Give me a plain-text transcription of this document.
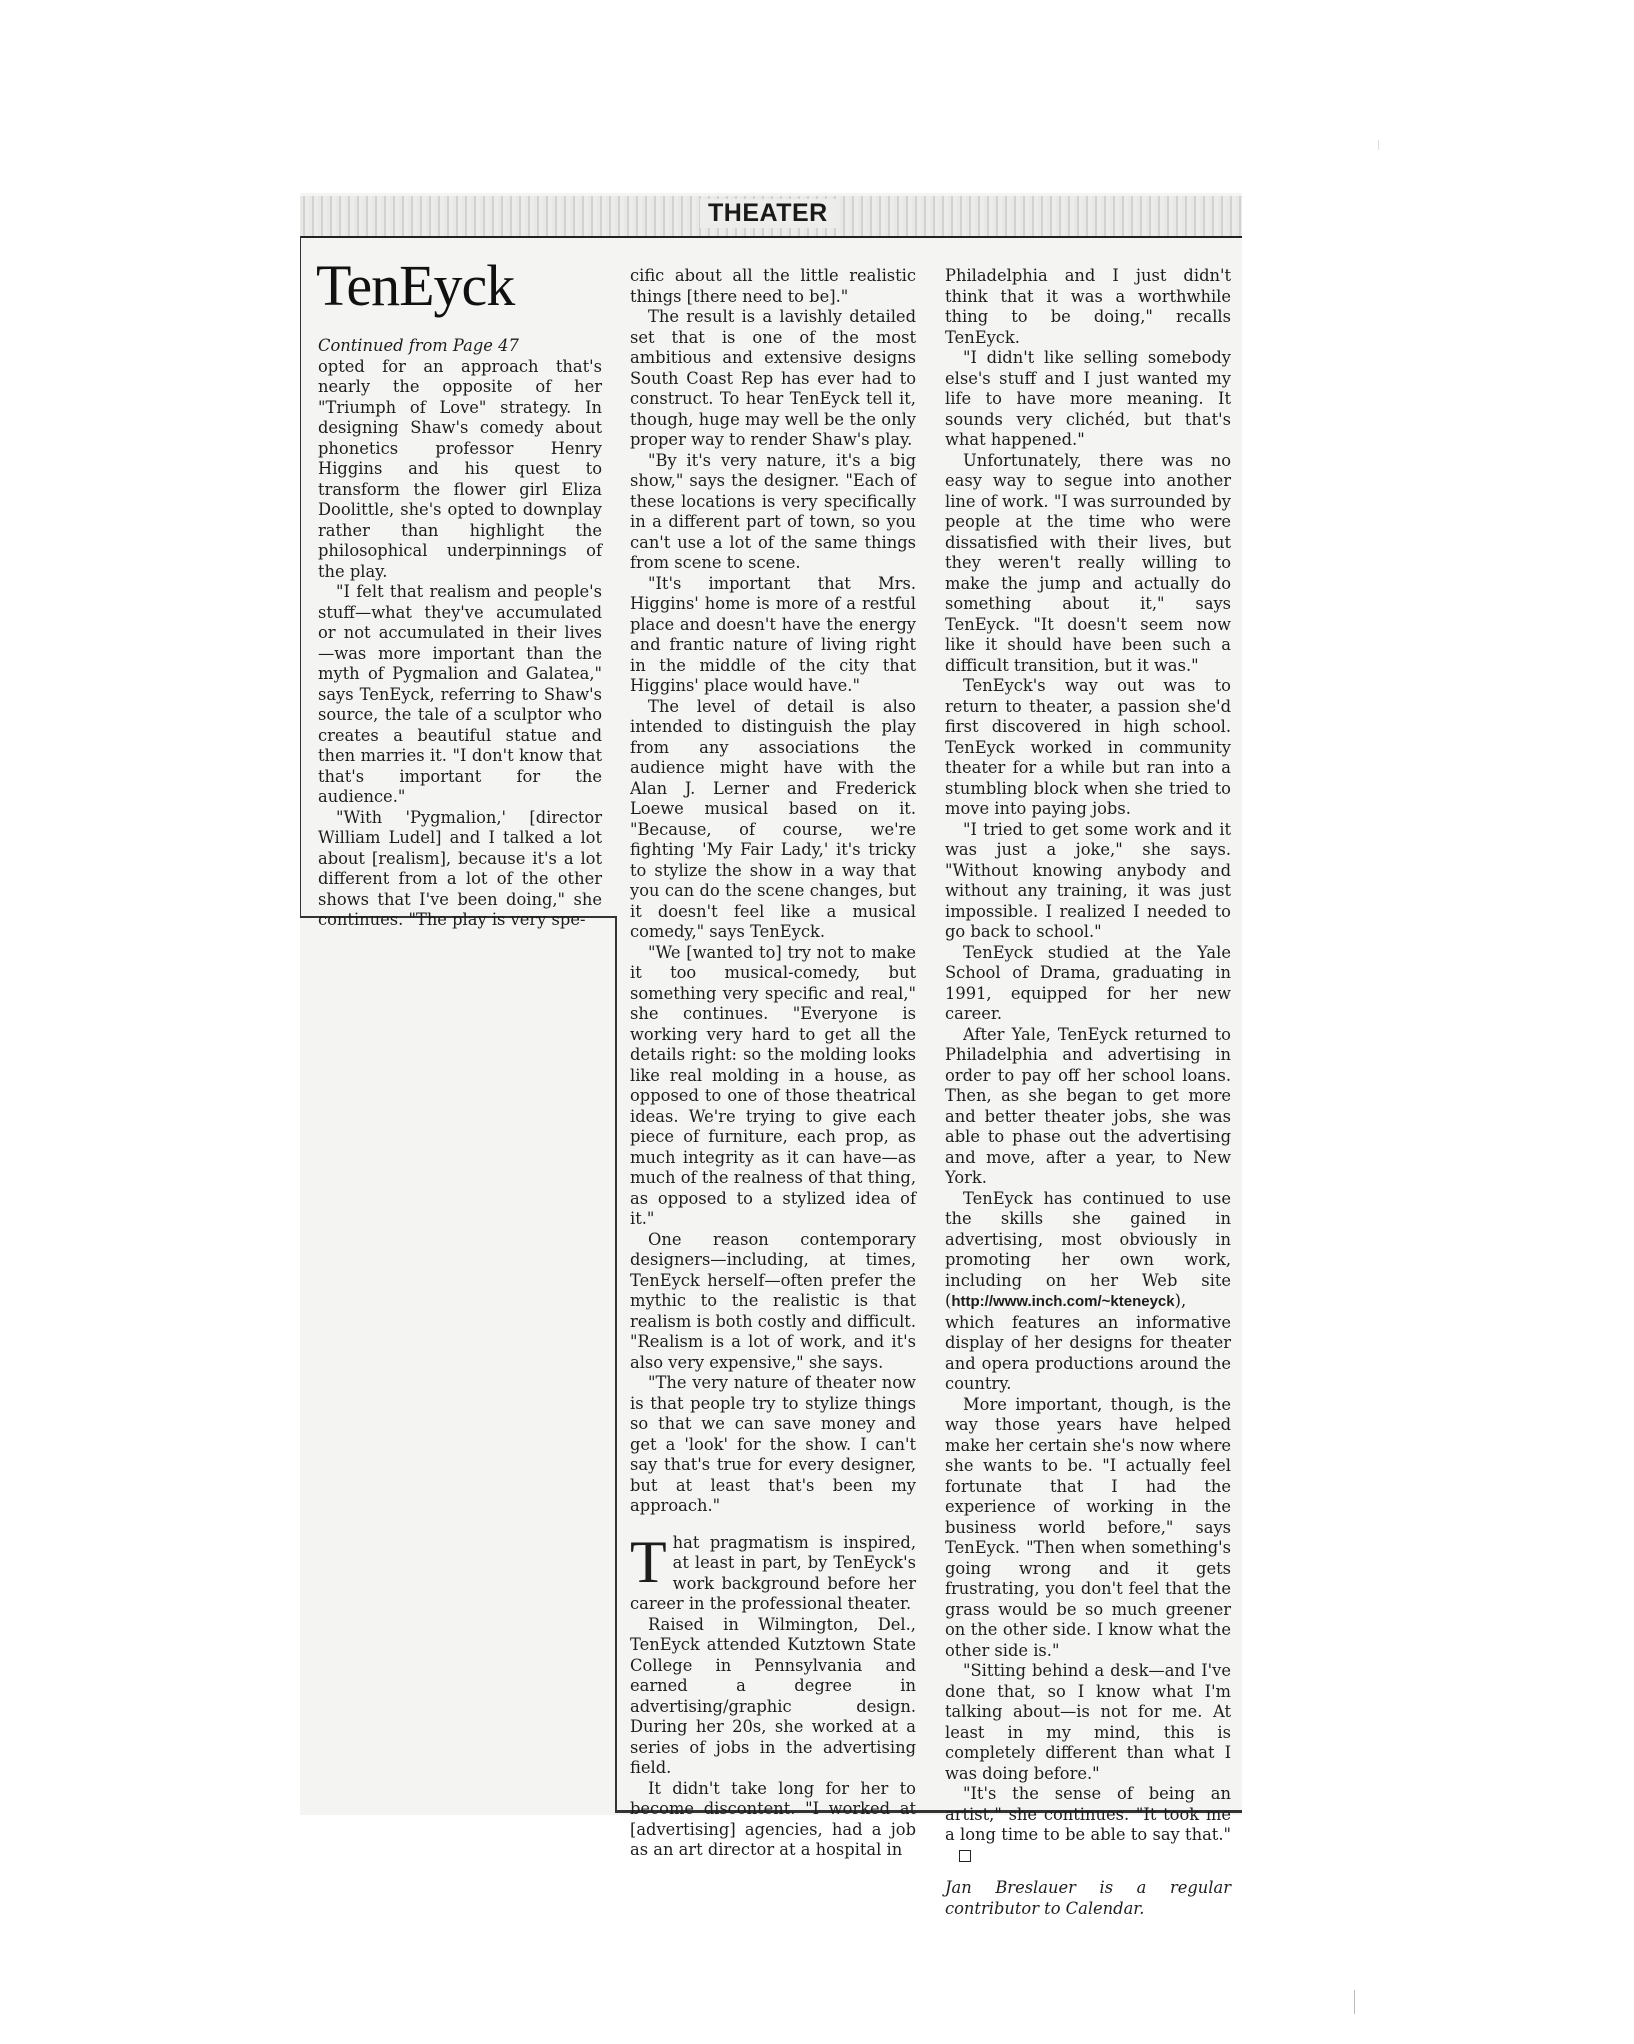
THEATER
TenEyck

Continued from Page 47

opted for an approach that's nearly the opposite of her "Triumph of Love" strategy. In designing Shaw's comedy about phonetics professor Henry Higgins and his quest to transform the flower girl Eliza Doolittle, she's opted to downplay rather than highlight the philosophical underpinnings of the play.

"I felt that realism and people's stuff—what they've accumulated or not accumulated in their lives—was more important than the myth of Pygmalion and Galatea," says TenEyck, referring to Shaw's source, the tale of a sculptor who creates a beautiful statue and then marries it. "I don't know that that's important for the audience."

"With 'Pygmalion,' [director William Ludel] and I talked a lot about [realism], because it's a lot different from a lot of the other shows that I've been doing," she continues. "The play is very spe-

cific about all the little realistic things [there need to be]."

The result is a lavishly detailed set that is one of the most ambitious and extensive designs South Coast Rep has ever had to construct. To hear TenEyck tell it, though, huge may well be the only proper way to render Shaw's play.

"By it's very nature, it's a big show," says the designer. "Each of these locations is very specifically in a different part of town, so you can't use a lot of the same things from scene to scene.

"It's important that Mrs. Higgins' home is more of a restful place and doesn't have the energy and frantic nature of living right in the middle of the city that Higgins' place would have."

The level of detail is also intended to distinguish the play from any associations the audience might have with the Alan J. Lerner and Frederick Loewe musical based on it. "Because, of course, we're fighting 'My Fair Lady,' it's tricky to stylize the show in a way that you can do the scene changes, but it doesn't feel like a musical comedy," says TenEyck.

"We [wanted to] try not to make it too musical-comedy, but something very specific and real," she continues. "Everyone is working very hard to get all the details right: so the molding looks like real molding in a house, as opposed to one of those theatrical ideas. We're trying to give each piece of furniture, each prop, as much integrity as it can have—as much of the realness of that thing, as opposed to a stylized idea of it."

One reason contemporary designers—including, at times, TenEyck herself—often prefer the mythic to the realistic is that realism is both costly and difficult. "Realism is a lot of work, and it's also very expensive," she says.

"The very nature of theater now is that people try to stylize things so that we can save money and get a 'look' for the show. I can't say that's true for every designer, but at least that's been my approach."

That pragmatism is inspired, at least in part, by TenEyck's work background before her career in the professional theater.

Raised in Wilmington, Del., TenEyck attended Kutztown State College in Pennsylvania and earned a degree in advertising/graphic design. During her 20s, she worked at a series of jobs in the advertising field.

It didn't take long for her to become discontent. "I worked at [advertising] agencies, had a job as an art director at a hospital in

Philadelphia and I just didn't think that it was a worthwhile thing to be doing," recalls TenEyck.

"I didn't like selling somebody else's stuff and I just wanted my life to have more meaning. It sounds very clichéd, but that's what happened."

Unfortunately, there was no easy way to segue into another line of work. "I was surrounded by people at the time who were dissatisfied with their lives, but they weren't really willing to make the jump and actually do something about it," says TenEyck. "It doesn't seem now like it should have been such a difficult transition, but it was."

TenEyck's way out was to return to theater, a passion she'd first discovered in high school. TenEyck worked in community theater for a while but ran into a stumbling block when she tried to move into paying jobs.

"I tried to get some work and it was just a joke," she says. "Without knowing anybody and without any training, it was just impossible. I realized I needed to go back to school."

TenEyck studied at the Yale School of Drama, graduating in 1991, equipped for her new career.

After Yale, TenEyck returned to Philadelphia and advertising in order to pay off her school loans. Then, as she began to get more and better theater jobs, she was able to phase out the advertising and move, after a year, to New York.

TenEyck has continued to use the skills she gained in advertising, most obviously in promoting her own work, including on her Web site (http://www.inch.com/~kteneyck), which features an informative display of her designs for theater and opera productions around the country.

More important, though, is the way those years have helped make her certain she's now where she wants to be. "I actually feel fortunate that I had the experience of working in the business world before," says TenEyck. "Then when something's going wrong and it gets frustrating, you don't feel that the grass would be so much greener on the other side. I know what the other side is."

"Sitting behind a desk—and I've done that, so I know what I'm talking about—is not for me. At least in my mind, this is completely different than what I was doing before."

"It's the sense of being an artist," she continues. "It took me a long time to be able to say that."

Jan Breslauer is a regular contributor to Calendar.
